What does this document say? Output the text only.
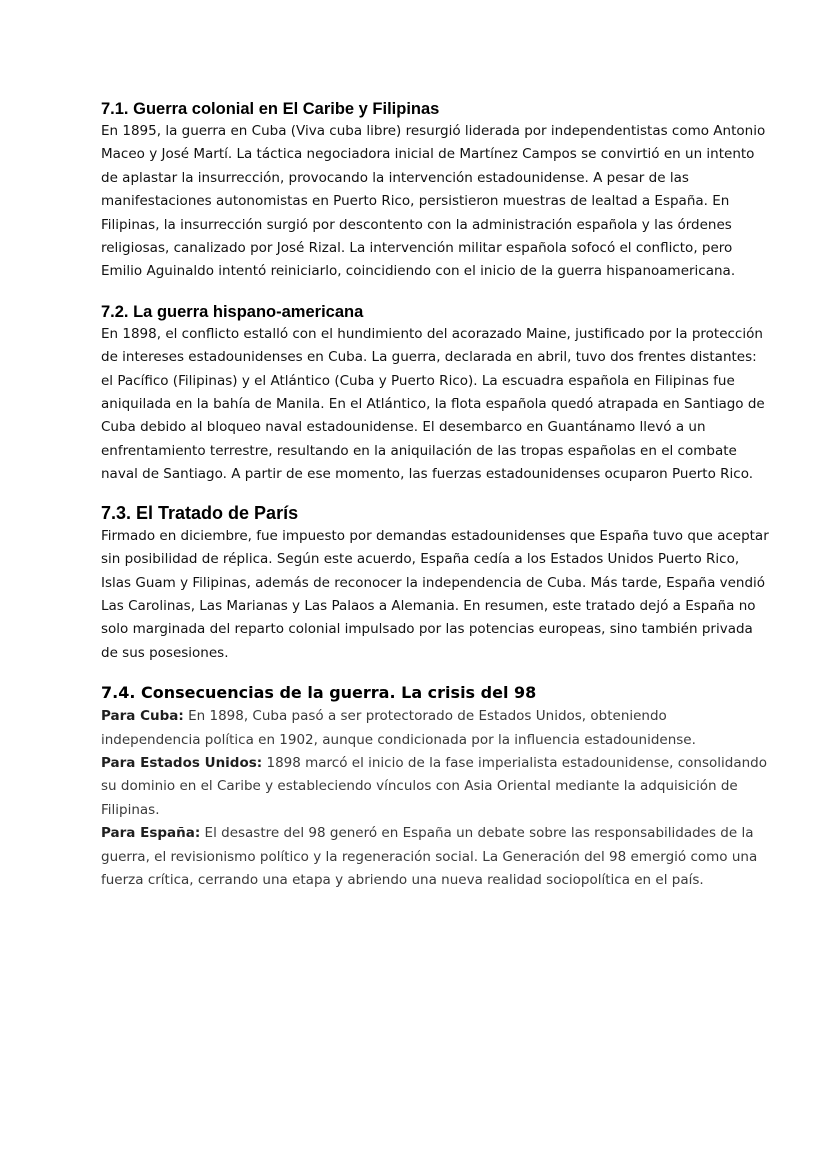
7.1. Guerra colonial en El Caribe y Filipinas

En 1895, la guerra en Cuba (Viva cuba libre) resurgió liderada por independentistas como Antonio Maceo y José Martí. La táctica negociadora inicial de Martínez Campos se convirtió en un intento de aplastar la insurrección, provocando la intervención estadounidense. A pesar de las manifestaciones autonomistas en Puerto Rico, persistieron muestras de lealtad a España. En Filipinas, la insurrección surgió por descontento con la administración española y las órdenes religiosas, canalizado por José Rizal. La intervención militar española sofocó el conflicto, pero Emilio Aguinaldo intentó reiniciarlo, coincidiendo con el inicio de la guerra hispanoamericana.

7.2. La guerra hispano-americana

En 1898, el conflicto estalló con el hundimiento del acorazado Maine, justificado por la protección de intereses estadounidenses en Cuba. La guerra, declarada en abril, tuvo dos frentes distantes: el Pacífico (Filipinas) y el Atlántico (Cuba y Puerto Rico). La escuadra española en Filipinas fue aniquilada en la bahía de Manila. En el Atlántico, la flota española quedó atrapada en Santiago de Cuba debido al bloqueo naval estadounidense. El desembarco en Guantánamo llevó a un enfrentamiento terrestre, resultando en la aniquilación de las tropas españolas en el combate naval de Santiago. A partir de ese momento, las fuerzas estadounidenses ocuparon Puerto Rico.

7.3. El Tratado de París

Firmado en diciembre, fue impuesto por demandas estadounidenses que España tuvo que aceptar sin posibilidad de réplica. Según este acuerdo, España cedía a los Estados Unidos Puerto Rico, Islas Guam y Filipinas, además de reconocer la independencia de Cuba. Más tarde, España vendió Las Carolinas, Las Marianas y Las Palaos a Alemania. En resumen, este tratado dejó a España no solo marginada del reparto colonial impulsado por las potencias europeas, sino también privada de sus posesiones.

7.4. Consecuencias de la guerra. La crisis del 98

Para Cuba: En 1898, Cuba pasó a ser protectorado de Estados Unidos, obteniendo independencia política en 1902, aunque condicionada por la influencia estadounidense.

Para Estados Unidos: 1898 marcó el inicio de la fase imperialista estadounidense, consolidando su dominio en el Caribe y estableciendo vínculos con Asia Oriental mediante la adquisición de Filipinas.

Para España: El desastre del 98 generó en España un debate sobre las responsabilidades de la guerra, el revisionismo político y la regeneración social. La Generación del 98 emergió como una fuerza crítica, cerrando una etapa y abriendo una nueva realidad sociopolítica en el país.
